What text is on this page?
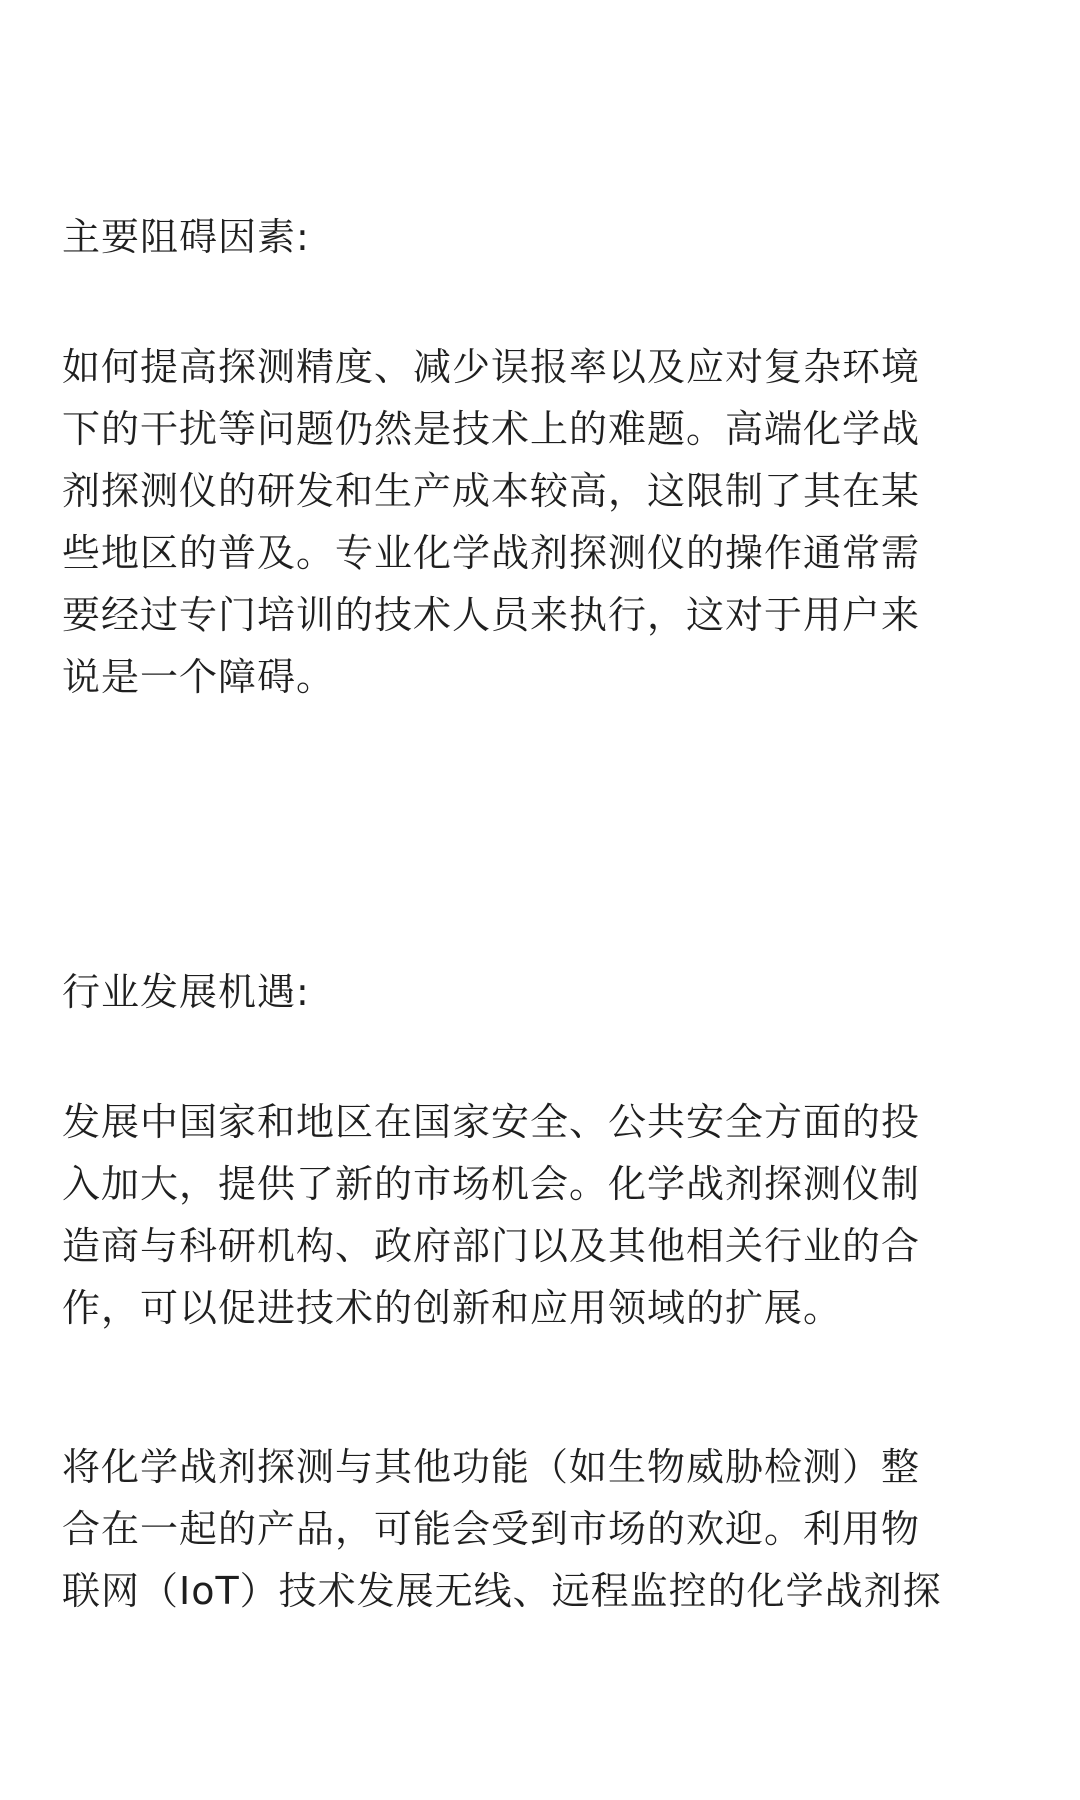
主要阻碍因素:
如何提高探测精度、减少误报率以及应对复杂环境
下的干扰等问题仍然是技术上的难题。高端化学战
剂探测仪的研发和生产成本较高，这限制了其在某
些地区的普及。专业化学战剂探测仪的操作通常需
要经过专门培训的技术人员来执行，这对于用户来
说是一个障碍。
行业发展机遇:
发展中国家和地区在国家安全、公共安全方面的投
入加大，提供了新的市场机会。化学战剂探测仪制
造商与科研机构、政府部门以及其他相关行业的合
作，可以促进技术的创新和应用领域的扩展。
将化学战剂探测与其他功能（如生物威胁检测）整
合在一起的产品，可能会受到市场的欢迎。利用物
联网（IoT）技术发展无线、远程监控的化学战剂探
